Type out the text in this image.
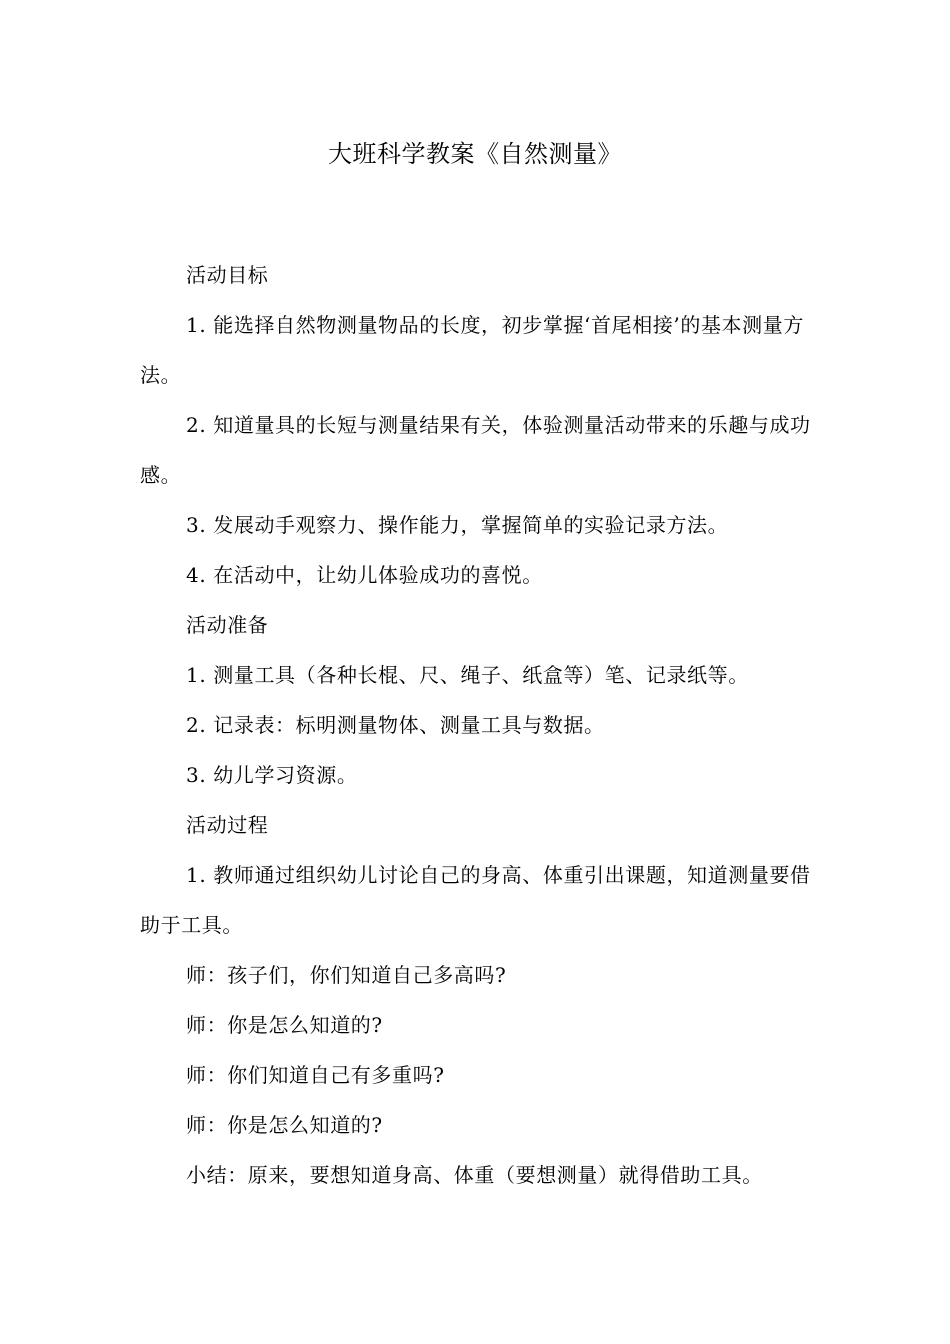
大班科学教案《自然测量》

活动目标

1. 能选择自然物测量物品的长度，初步掌握‘首尾相接’的基本测量方法。

2. 知道量具的长短与测量结果有关，体验测量活动带来的乐趣与成功感。

3. 发展动手观察力、操作能力，掌握简单的实验记录方法。

4. 在活动中，让幼儿体验成功的喜悦。

活动准备

1. 测量工具（各种长棍、尺、绳子、纸盒等）笔、记录纸等。

2. 记录表：标明测量物体、测量工具与数据。

3. 幼儿学习资源。

活动过程

1. 教师通过组织幼儿讨论自己的身高、体重引出课题，知道测量要借助于工具。

师：孩子们，你们知道自己多高吗?

师：你是怎么知道的?

师：你们知道自己有多重吗?

师：你是怎么知道的?

小结：原来，要想知道身高、体重（要想测量）就得借助工具。
